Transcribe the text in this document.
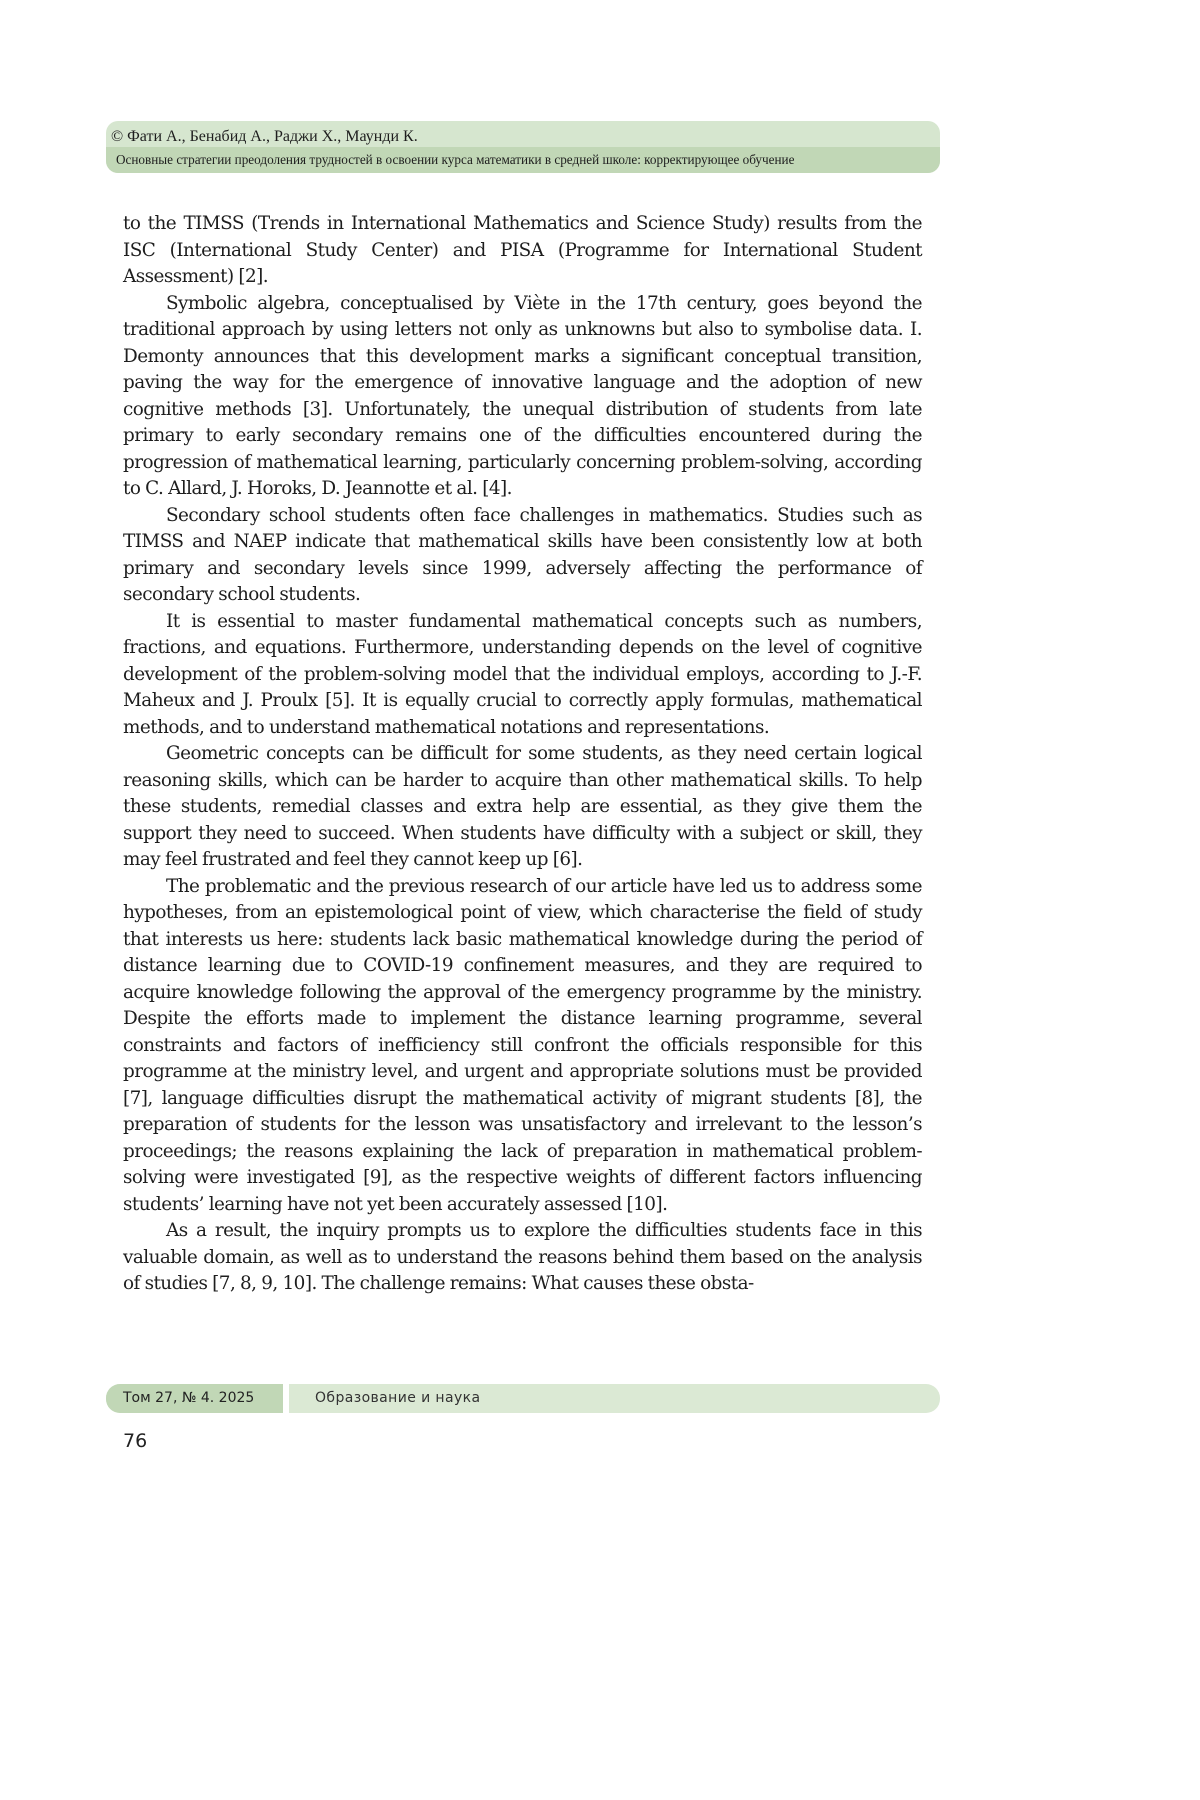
© Фати А., Бенабид А., Раджи Х., Маунди К.
Основные стратегии преодоления трудностей в освоении курса математики в средней школе: корректирующее обучение

to the TIMSS (Trends in International Mathematics and Science Study) results from the ISC (International Study Center) and PISA (Programme for International Student Assessment) [2].

Symbolic algebra, conceptualised by Viète in the 17th century, goes beyond the traditional approach by using letters not only as unknowns but also to symbolise data. I. Demonty announces that this development marks a significant conceptual transition, paving the way for the emergence of innovative language and the adoption of new cognitive methods [3]. Unfortunately, the unequal distribution of students from late primary to early secondary remains one of the difficulties encountered during the progression of mathematical learning, particularly concerning problem-solving, according to C. Allard, J. Horoks, D. Jeannotte et al. [4].

Secondary school students often face challenges in mathematics. Studies such as TIMSS and NAEP indicate that mathematical skills have been consistently low at both primary and secondary levels since 1999, adversely affecting the performance of secondary school students.

It is essential to master fundamental mathematical concepts such as numbers, fractions, and equations. Furthermore, understanding depends on the level of cognitive development of the problem-solving model that the individual employs, according to J.-F. Maheux and J. Proulx [5]. It is equally crucial to correctly apply formulas, mathematical methods, and to understand mathematical notations and representations.

Geometric concepts can be difficult for some students, as they need certain logical reasoning skills, which can be harder to acquire than other mathematical skills. To help these students, remedial classes and extra help are essential, as they give them the support they need to succeed. When students have difficulty with a subject or skill, they may feel frustrated and feel they cannot keep up [6].

The problematic and the previous research of our article have led us to address some hypotheses, from an epistemological point of view, which characterise the field of study that interests us here: students lack basic mathematical knowledge during the period of distance learning due to COVID-19 confinement measures, and they are required to acquire knowledge following the approval of the emergency programme by the ministry. Despite the efforts made to implement the distance learning programme, several constraints and factors of inefficiency still confront the officials responsible for this programme at the ministry level, and urgent and appropriate solutions must be provided [7], language difficulties disrupt the mathematical activity of migrant students [8], the preparation of students for the lesson was unsatisfactory and irrelevant to the lesson’s proceedings; the reasons explaining the lack of preparation in mathematical problem-solving were investigated [9], as the respective weights of different factors influencing students’ learning have not yet been accurately assessed [10].

As a result, the inquiry prompts us to explore the difficulties students face in this valuable domain, as well as to understand the reasons behind them based on the analysis of studies [7, 8, 9, 10]. The challenge remains: What causes these obsta-

Том 27, № 4. 2025	Образование и наука
76
